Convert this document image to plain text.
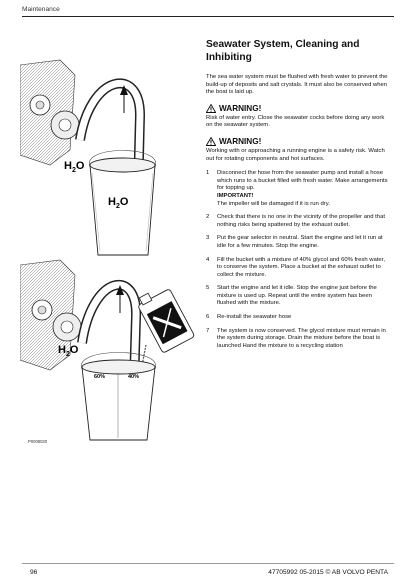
Maintenance
$H_2O$
$H_2O$
$H_2O$
60%	40%
P0008030
Seawater System, Cleaning and Inhibiting

The sea water system must be flushed with fresh water to prevent the build-up of deposits and salt crystals. It must also be conserved when the boat is laid up.

WARNING!

Risk of water entry. Close the seawater cocks before doing any work on the seawater system.

WARNING!

Working with or approaching a running engine is a safety risk. Watch out for rotating components and hot surfaces.

1	Disconnect the hose from the seawater pump and install a hose which runs to a bucket filled with fresh water. Make arrangements for topping up.
IMPORTANT!
The impeller will be damaged if it is run dry.
2	Check that there is no one in the vicinity of the propeller and that nothing risks being spattered by the exhaust outlet.
3	Put the gear selector in neutral. Start the engine and let it run at idle for a few minutes. Stop the engine.
4	Fill the bucket with a mixture of 40% glycol and 60% fresh water, to conserve the system. Place a bucket at the exhaust outlet to collect the mixture.
5	Start the engine and let it idle. Stop the engine just before the mixture is used up. Repeat until the entire system has been flushed with the mixture.
6	Re-install the seawater hose
7	The system is now conserved. The glycol mixture must remain in the system during storage. Drain the mixture before the boat is launched Hand the mixture to a recycling station
96	47705992 05-2015 © AB VOLVO PENTA
